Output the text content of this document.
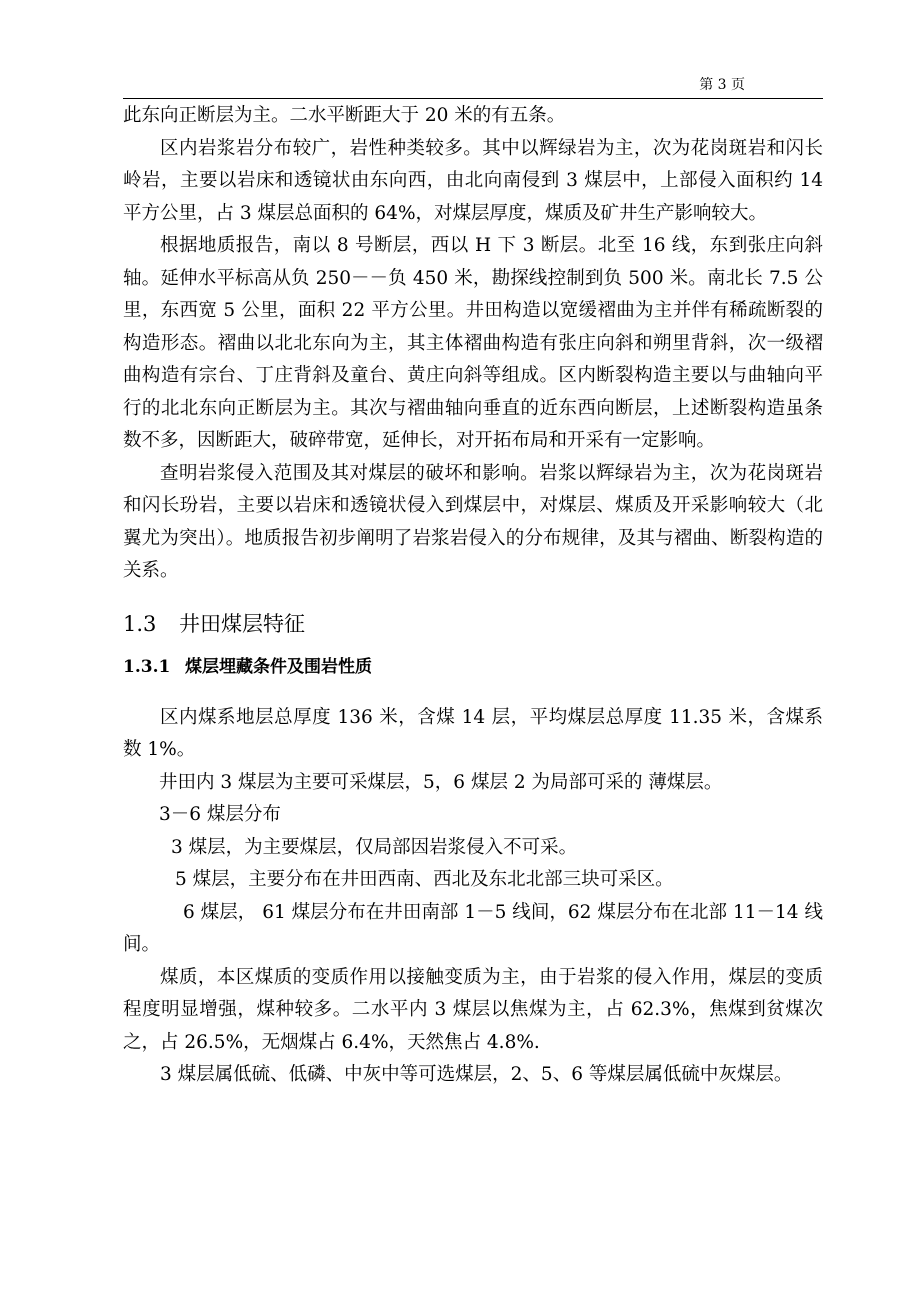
第 3 页

此东向正断层为主。二水平断距大于 20 米的有五条。

区内岩浆岩分布较广，岩性种类较多。其中以辉绿岩为主，次为花岗斑岩和闪长岭岩，主要以岩床和透镜状由东向西，由北向南侵到 3 煤层中，上部侵入面积约 14 平方公里，占 3 煤层总面积的 64%，对煤层厚度，煤质及矿井生产影响较大。

根据地质报告，南以 8 号断层，西以 H 下 3 断层。北至 16 线，东到张庄向斜轴。延伸水平标高从负 250－－负 450 米，勘探线控制到负 500 米。南北长 7.5 公里，东西宽 5 公里，面积 22 平方公里。井田构造以宽缓褶曲为主并伴有稀疏断裂的构造形态。褶曲以北北东向为主，其主体褶曲构造有张庄向斜和朔里背斜，次一级褶曲构造有宗台、丁庄背斜及童台、黄庄向斜等组成。区内断裂构造主要以与曲轴向平行的北北东向正断层为主。其次与褶曲轴向垂直的近东西向断层，上述断裂构造虽条数不多，因断距大，破碎带宽，延伸长，对开拓布局和开采有一定影响。

查明岩浆侵入范围及其对煤层的破坏和影响。岩浆以辉绿岩为主，次为花岗斑岩和闪长玢岩，主要以岩床和透镜状侵入到煤层中，对煤层、煤质及开采影响较大（北翼尤为突出）。地质报告初步阐明了岩浆岩侵入的分布规律，及其与褶曲、断裂构造的关系。

1.3 井田煤层特征
1.3.1 煤层埋藏条件及围岩性质

区内煤系地层总厚度 136 米，含煤 14 层，平均煤层总厚度 11.35 米，含煤系数 1%。

井田内 3 煤层为主要可采煤层，5，6 煤层 2 为局部可采的 薄煤层。

3－6 煤层分布

3 煤层，为主要煤层，仅局部因岩浆侵入不可采。

5 煤层，主要分布在井田西南、西北及东北北部三块可采区。

6 煤层， 61 煤层分布在井田南部 1－5 线间，62 煤层分布在北部 11－14 线间。

煤质，本区煤质的变质作用以接触变质为主，由于岩浆的侵入作用，煤层的变质程度明显增强，煤种较多。二水平内 3 煤层以焦煤为主，占 62.3%，焦煤到贫煤次之，占 26.5%，无烟煤占 6.4%，天然焦占 4.8%.

3 煤层属低硫、低磷、中灰中等可选煤层，2、5、6 等煤层属低硫中灰煤层。
